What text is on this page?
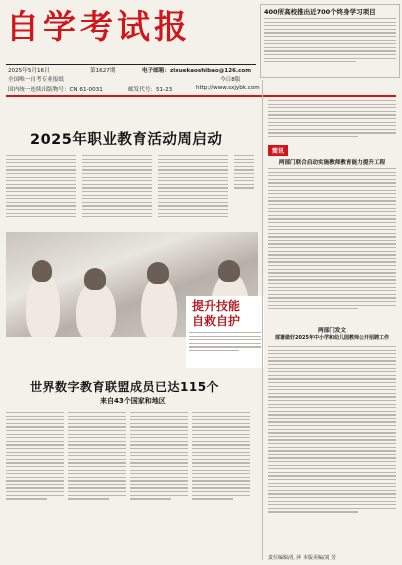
自学考试报	400所高校推出近700个终身学习项目
2025年5月16日	第1627期	电子邮箱：zixuekaoshibao@126.com
全国唯一自考专业报纸	今日8版
国内统一连续出版物号：CN 61-0031	邮发代号：51-23	http://www.sxjybk.com
2025年职业教育活动周启动
提升技能
自救自护
世界数字教育联盟成员已达115个
来自43个国家和地区
简讯
两部门联合启动实施教师教育能力提升工程
两部门发文
部署做好2025年中小学和幼儿园教师公开招聘工作
责任编辑/孔 萍 本版美编/刘 芳
